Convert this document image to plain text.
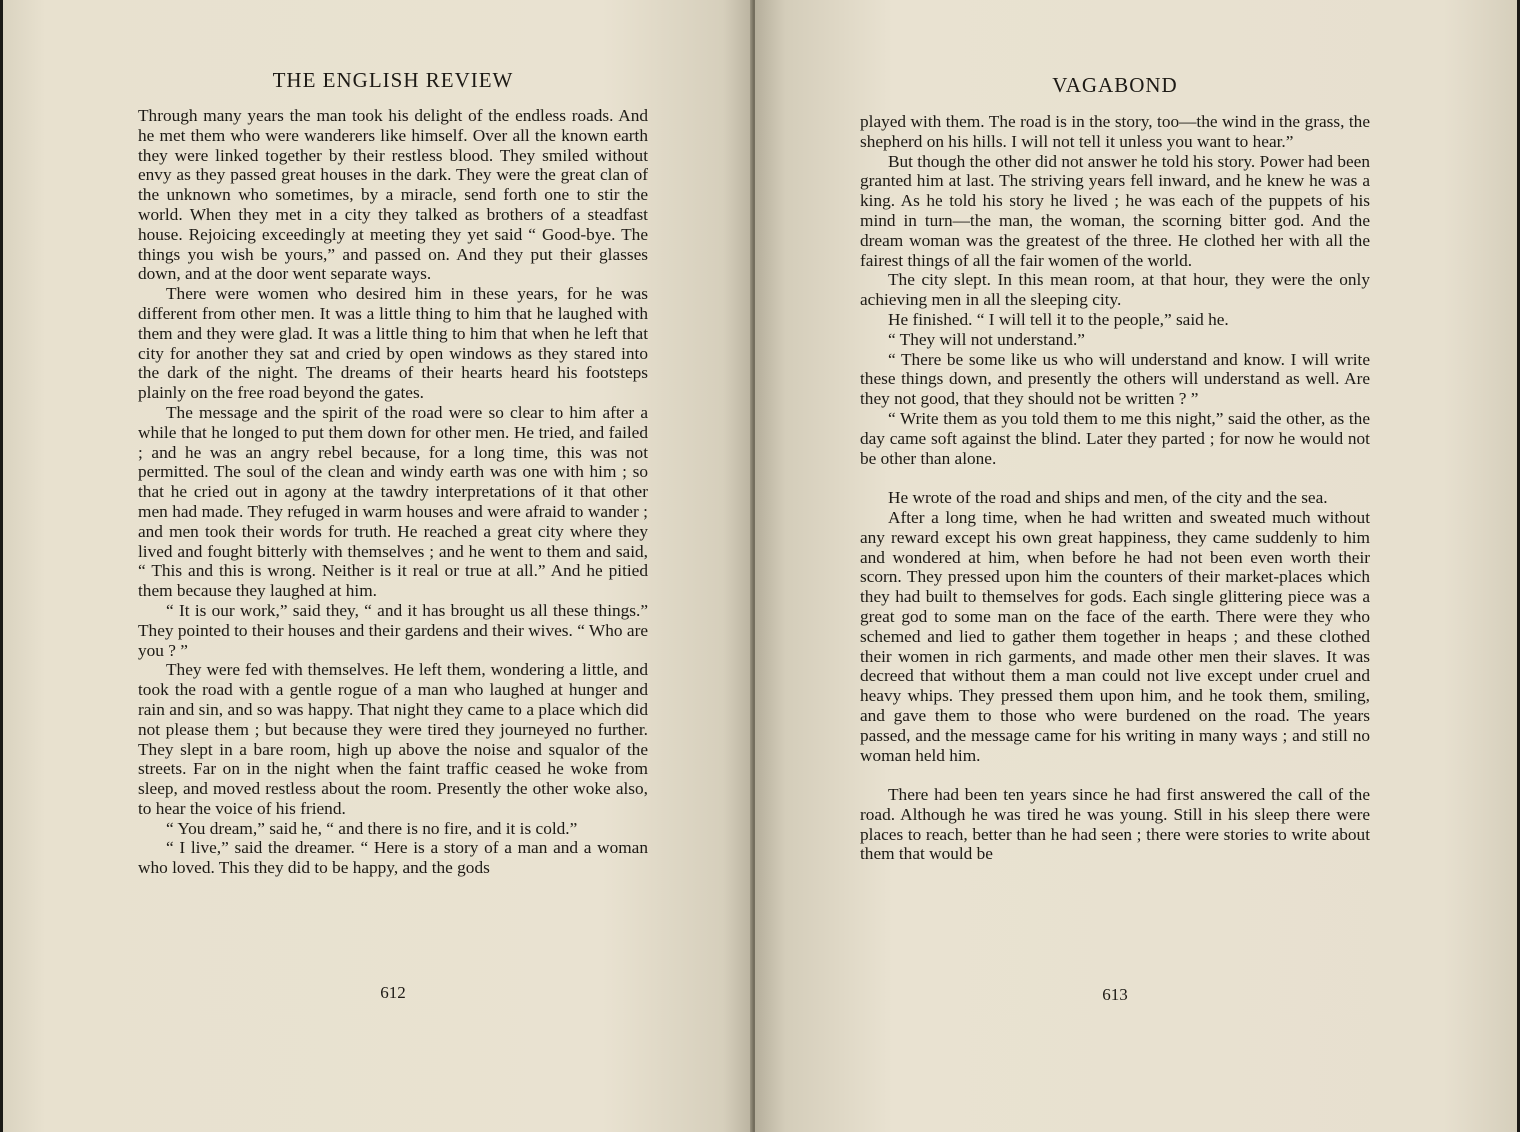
THE ENGLISH REVIEW

Through many years the man took his delight of the endless roads. And he met them who were wanderers like himself. Over all the known earth they were linked together by their restless blood. They smiled without envy as they passed great houses in the dark. They were the great clan of the unknown who sometimes, by a miracle, send forth one to stir the world. When they met in a city they talked as brothers of a steadfast house. Rejoicing exceedingly at meeting they yet said “ Good-bye. The things you wish be yours,” and passed on. And they put their glasses down, and at the door went separate ways.

There were women who desired him in these years, for he was different from other men. It was a little thing to him that he laughed with them and they were glad. It was a little thing to him that when he left that city for another they sat and cried by open windows as they stared into the dark of the night. The dreams of their hearts heard his footsteps plainly on the free road beyond the gates.

The message and the spirit of the road were so clear to him after a while that he longed to put them down for other men. He tried, and failed ; and he was an angry rebel because, for a long time, this was not permitted. The soul of the clean and windy earth was one with him ; so that he cried out in agony at the tawdry interpretations of it that other men had made. They refuged in warm houses and were afraid to wander ; and men took their words for truth. He reached a great city where they lived and fought bitterly with themselves ; and he went to them and said, “ This and this is wrong. Neither is it real or true at all.” And he pitied them because they laughed at him.

“ It is our work,” said they, “ and it has brought us all these things.” They pointed to their houses and their gardens and their wives. “ Who are you ? ”

They were fed with themselves. He left them, wondering a little, and took the road with a gentle rogue of a man who laughed at hunger and rain and sin, and so was happy. That night they came to a place which did not please them ; but because they were tired they journeyed no further. They slept in a bare room, high up above the noise and squalor of the streets. Far on in the night when the faint traffic ceased he woke from sleep, and moved restless about the room. Presently the other woke also, to hear the voice of his friend.

“ You dream,” said he, “ and there is no fire, and it is cold.”

“ I live,” said the dreamer. “ Here is a story of a man and a woman who loved. This they did to be happy, and the gods

612

VAGABOND

played with them. The road is in the story, too—the wind in the grass, the shepherd on his hills. I will not tell it unless you want to hear.”

But though the other did not answer he told his story. Power had been granted him at last. The striving years fell inward, and he knew he was a king. As he told his story he lived ; he was each of the puppets of his mind in turn—the man, the woman, the scorning bitter god. And the dream woman was the greatest of the three. He clothed her with all the fairest things of all the fair women of the world.

The city slept. In this mean room, at that hour, they were the only achieving men in all the sleeping city.

He finished. “ I will tell it to the people,” said he.

“ They will not understand.”

“ There be some like us who will understand and know. I will write these things down, and presently the others will understand as well. Are they not good, that they should not be written ? ”

“ Write them as you told them to me this night,” said the other, as the day came soft against the blind. Later they parted ; for now he would not be other than alone.

He wrote of the road and ships and men, of the city and the sea.

After a long time, when he had written and sweated much without any reward except his own great happiness, they came suddenly to him and wondered at him, when before he had not been even worth their scorn. They pressed upon him the counters of their market-places which they had built to themselves for gods. Each single glittering piece was a great god to some man on the face of the earth. There were they who schemed and lied to gather them together in heaps ; and these clothed their women in rich garments, and made other men their slaves. It was decreed that without them a man could not live except under cruel and heavy whips. They pressed them upon him, and he took them, smiling, and gave them to those who were burdened on the road. The years passed, and the message came for his writing in many ways ; and still no woman held him.

There had been ten years since he had first answered the call of the road. Although he was tired he was young. Still in his sleep there were places to reach, better than he had seen ; there were stories to write about them that would be

613
